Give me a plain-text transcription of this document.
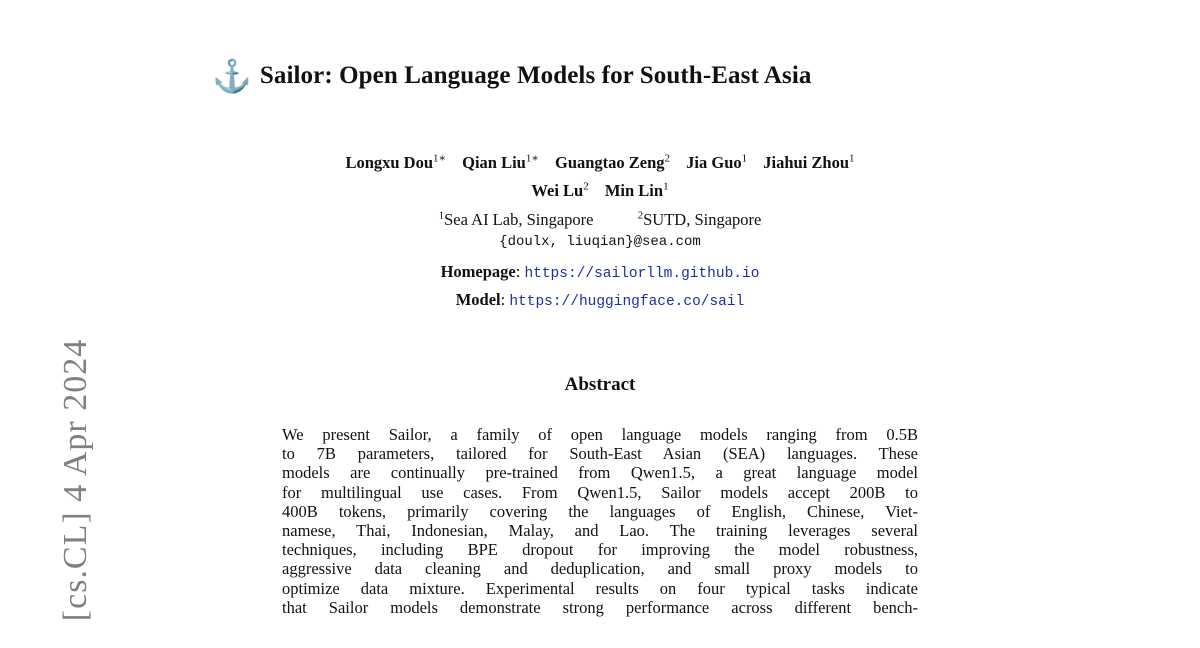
⚓ Sailor: Open Language Models for South-East Asia
Longxu Dou$^{1∗}$ Qian Liu$^{1∗}$ Guangtao Zeng$^2$ Jia Guo$^1$ Jiahui Zhou$^1$
Wei Lu$^2$ Min Lin$^1$
$^1$Sea AI Lab, Singapore	$^2$SUTD, Singapore
{doulx, liuqian}@sea.com
Homepage: https://sailorllm.github.io
Model: https://huggingface.co/sail
[cs.CL] 4 Apr 2024	Abstract
We present Sailor, a family of open language models ranging from 0.5B
to 7B parameters, tailored for South-East Asian (SEA) languages. These
models are continually pre-trained from Qwen1.5, a great language model
for multilingual use cases. From Qwen1.5, Sailor models accept 200B to
400B tokens, primarily covering the languages of English, Chinese, Viet-
namese, Thai, Indonesian, Malay, and Lao. The training leverages several
techniques, including BPE dropout for improving the model robustness,
aggressive data cleaning and deduplication, and small proxy models to
optimize data mixture. Experimental results on four typical tasks indicate
that Sailor models demonstrate strong performance across different bench-
